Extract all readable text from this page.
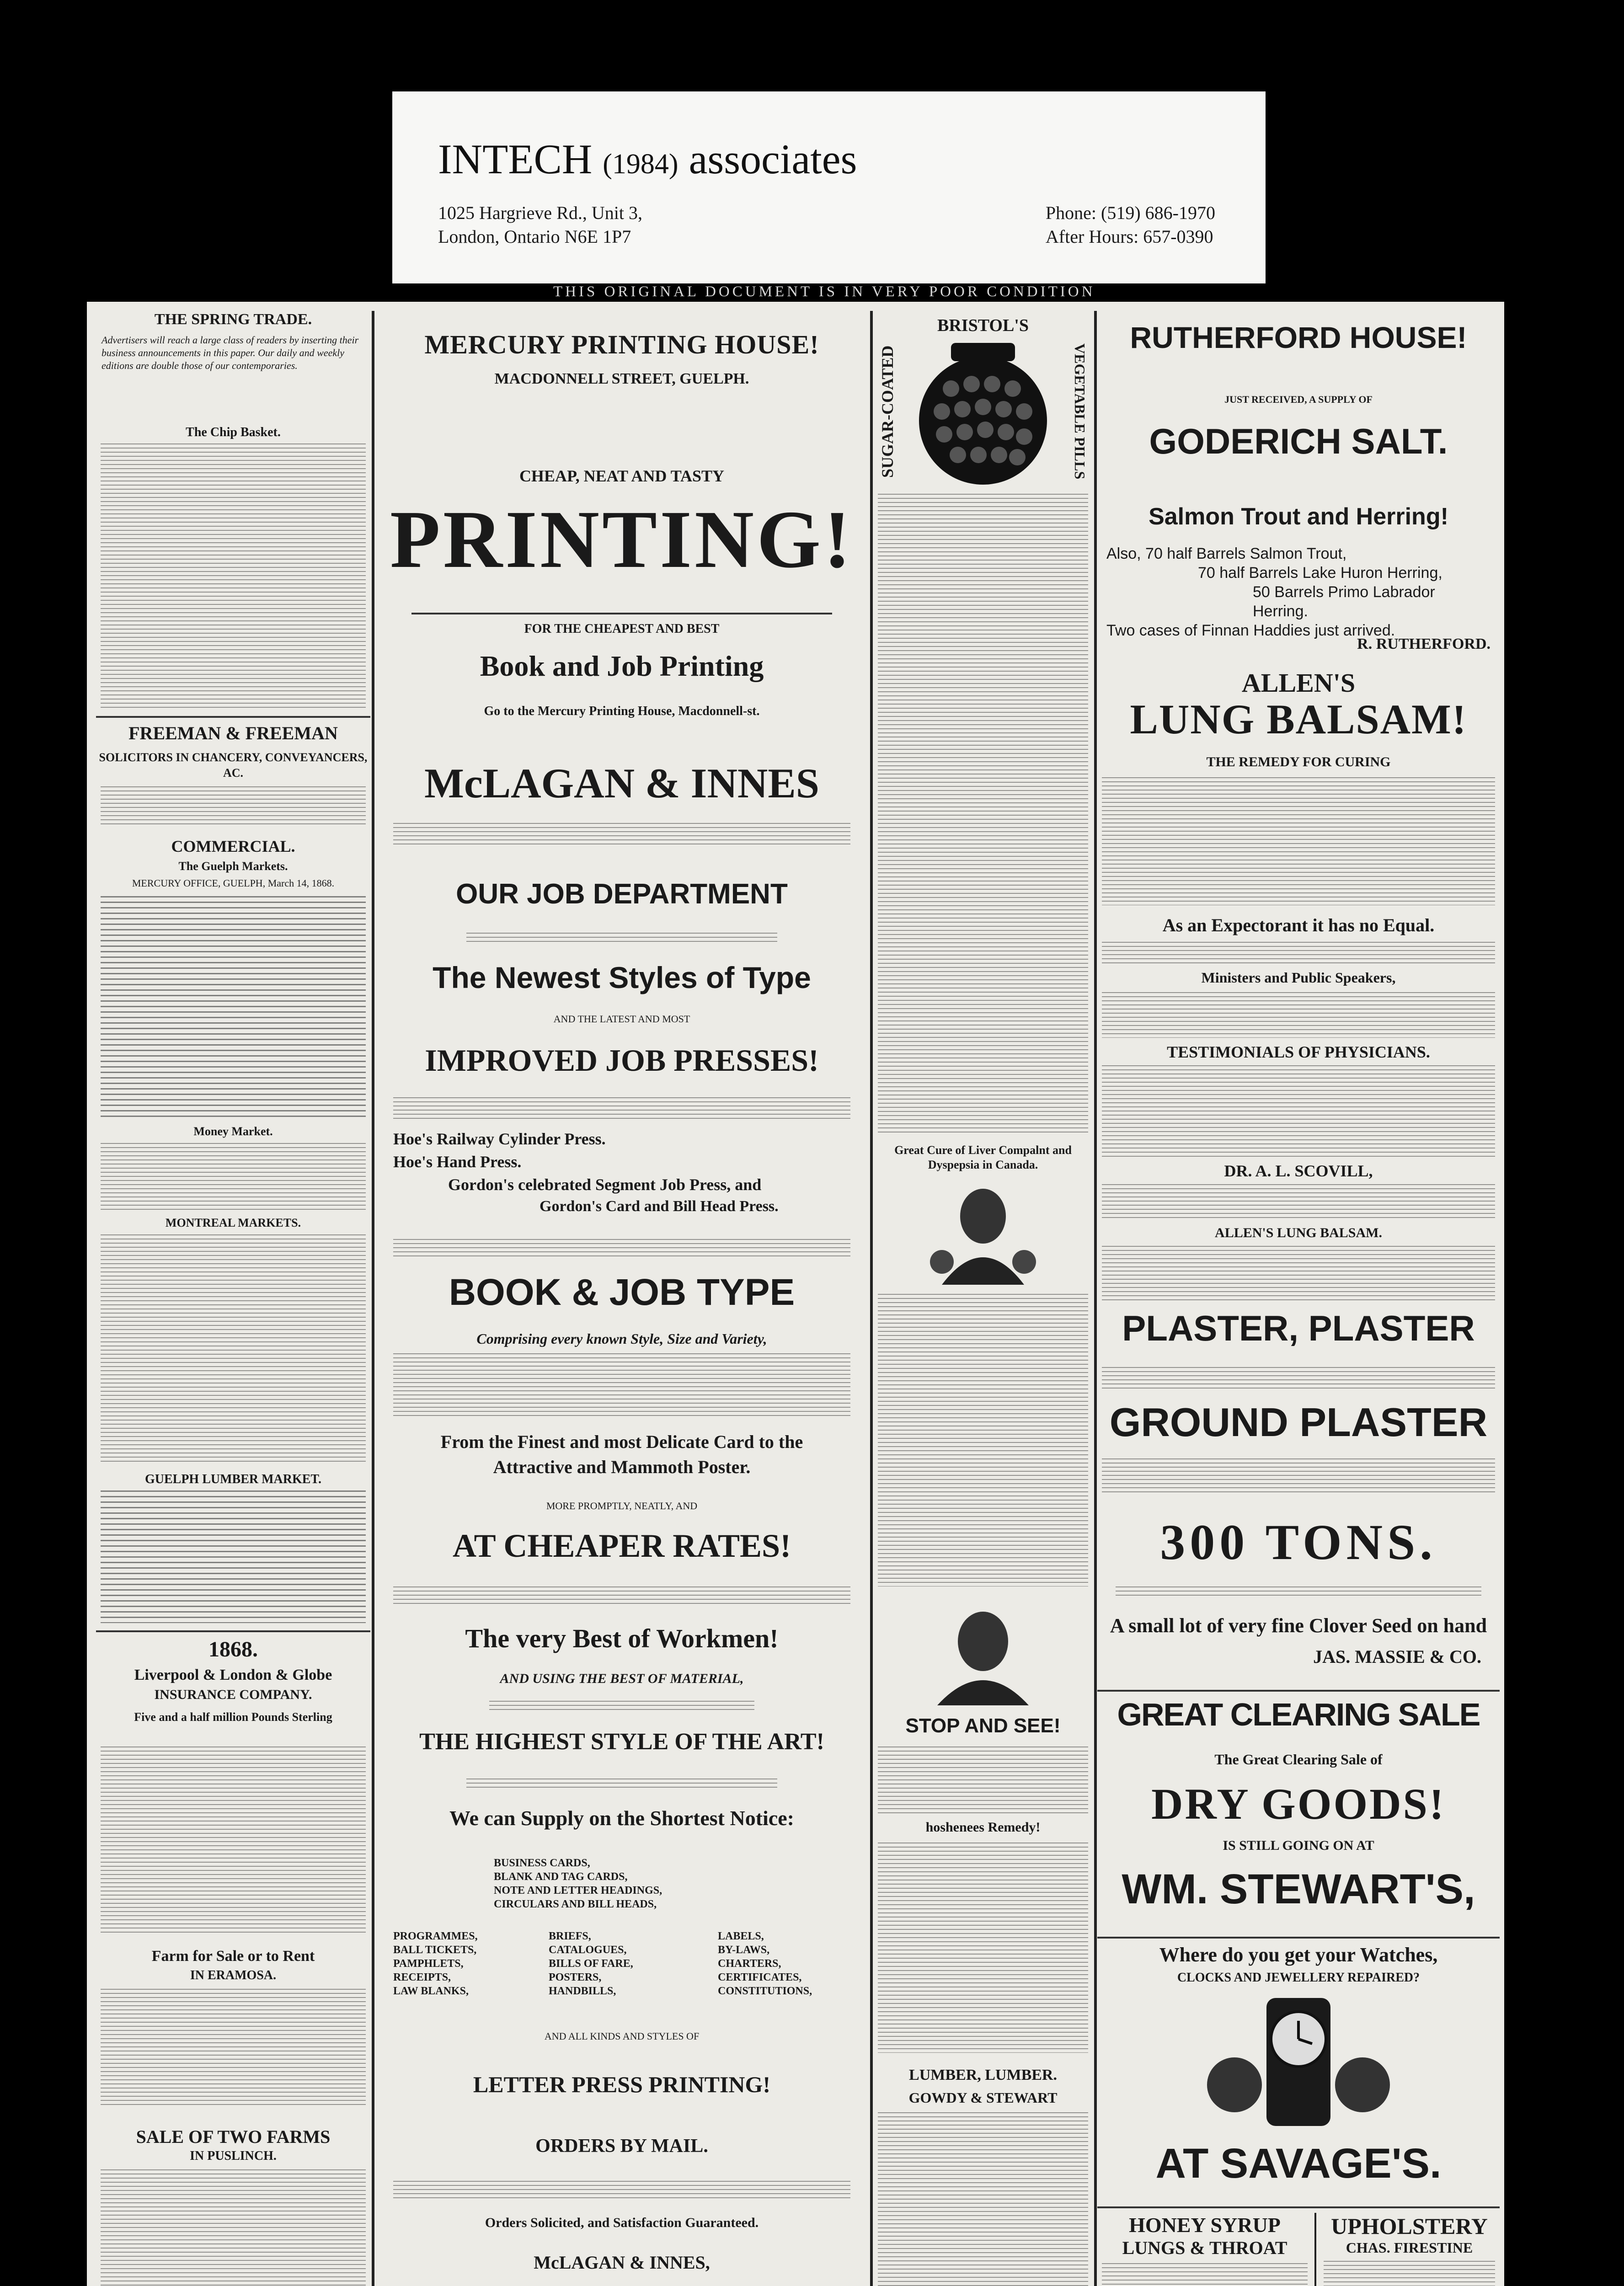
INTECH (1984) associates
1025 Hargrieve Rd., Unit 3,
London, Ontario N6E 1P7
Phone: (519) 686-1970
After Hours: 657-0390
THIS ORIGINAL DOCUMENT IS IN VERY POOR CONDITION
THE SPRING TRADE.
Advertisers will reach a large class of readers by inserting their business announcements in this paper. Our daily and weekly editions are double those of our contemporaries.
The Chip Basket.
FREEMAN & FREEMAN
SOLICITORS IN CHANCERY, CONVEYANCERS, AC.
COMMERCIAL.
The Guelph Markets.
MERCURY OFFICE, GUELPH, March 14, 1868.
Money Market.
MONTREAL MARKETS.
GUELPH LUMBER MARKET.
1868.
Liverpool & London & Globe
INSURANCE COMPANY.
Five and a half million Pounds Sterling
Farm for Sale or to Rent
IN ERAMOSA.
SALE OF TWO FARMS
IN PUSLINCH.
MERCURY PRINTING HOUSE!
MACDONNELL STREET, GUELPH.
CHEAP, NEAT AND TASTY
PRINTING!
FOR THE CHEAPEST AND BEST
Book and Job Printing
Go to the Mercury Printing House, Macdonnell-st.
McLAGAN & INNES
OUR JOB DEPARTMENT
The Newest Styles of Type
AND THE LATEST AND MOST
IMPROVED JOB PRESSES!
Hoe's Railway Cylinder Press.
Hoe's Hand Press.
Gordon's celebrated Segment Job Press, and
Gordon's Card and Bill Head Press.
BOOK & JOB TYPE
Comprising every known Style, Size and Variety,
From the Finest and most Delicate Card to the
Attractive and Mammoth Poster.
MORE PROMPTLY, NEATLY, AND
AT CHEAPER RATES!
The very Best of Workmen!
AND USING THE BEST OF MATERIAL,
THE HIGHEST STYLE OF THE ART!
We can Supply on the Shortest Notice:
BUSINESS CARDS,
BLANK AND TAG CARDS,
NOTE AND LETTER HEADINGS,
CIRCULARS AND BILL HEADS,
PROGRAMMES,
BALL TICKETS,
PAMPHLETS,
RECEIPTS,
LAW BLANKS,
BRIEFS,
CATALOGUES,
BILLS OF FARE,
POSTERS,
HANDBILLS,
LABELS,
BY-LAWS,
CHARTERS,
CERTIFICATES,
CONSTITUTIONS,
AND ALL KINDS AND STYLES OF
LETTER PRESS PRINTING!
ORDERS BY MAIL.
Orders Solicited, and Satisfaction Guaranteed.
McLAGAN & INNES,
BRISTOL'S
SUGAR-COATED	VEGETABLE PILLS
Great Cure of Liver Compalnt and Dyspepsia in Canada.
STOP AND SEE!
hoshenees Remedy!
LUMBER, LUMBER.
GOWDY & STEWART
RUTHERFORD HOUSE!
JUST RECEIVED, A SUPPLY OF
GODERICH SALT.
Salmon Trout and Herring!
Also, 70 half Barrels Salmon Trout,
70 half Barrels Lake Huron Herring,
50 Barrels Primo Labrador Herring.
Two cases of Finnan Haddies just arrived.
R. RUTHERFORD.
ALLEN'S
LUNG BALSAM!
THE REMEDY FOR CURING
As an Expectorant it has no Equal.
Ministers and Public Speakers,
TESTIMONIALS OF PHYSICIANS.
DR. A. L. SCOVILL,
ALLEN'S LUNG BALSAM.
PLASTER, PLASTER
GROUND PLASTER
300 TONS.
A small lot of very fine Clover Seed on hand
JAS. MASSIE & CO.
GREAT CLEARING SALE
The Great Clearing Sale of
DRY GOODS!
IS STILL GOING ON AT
WM. STEWART'S,
Where do you get your Watches,
CLOCKS AND JEWELLERY REPAIRED?
AT SAVAGE'S.
HONEY SYRUP
LUNGS & THROAT
UPHOLSTERY
CHAS. FIRESTINE
